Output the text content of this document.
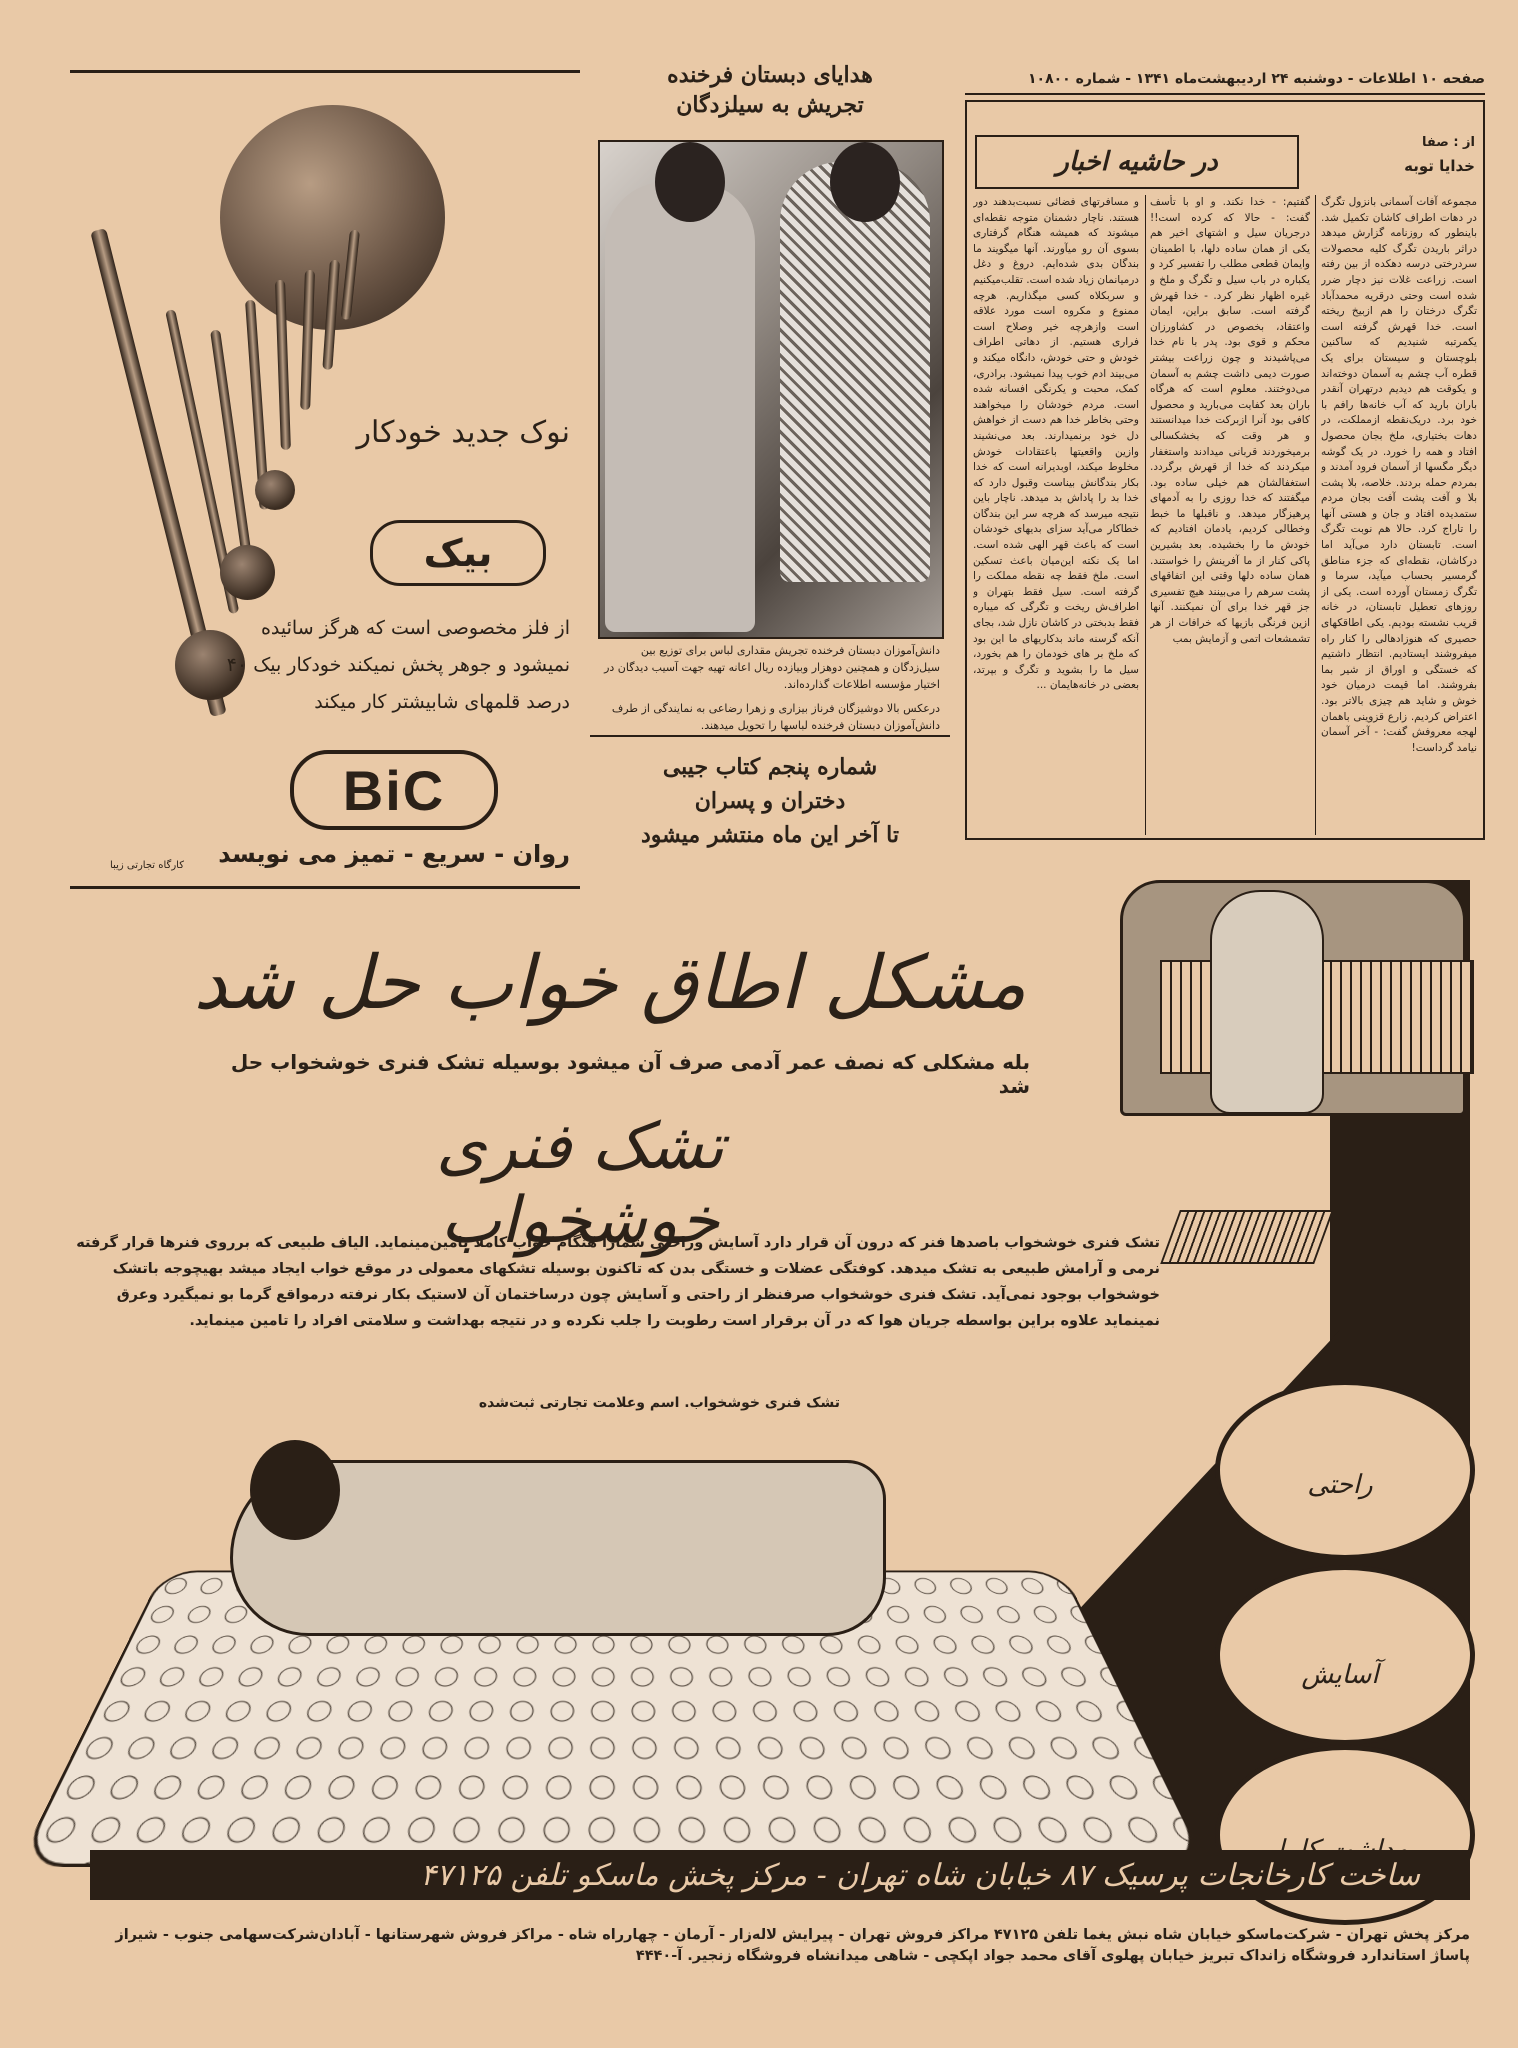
نوک جدید خودکار
بیک
از فلز مخصوصی است که هرگز سائیده نمیشود و جوهر پخش نمیکند خودکار بیک ۴۰ درصد قلمهای شابیشتر کار میکند
BiC
روان - سریع - تمیز می نویسد
کارگاه تجارتی زیبا
هدایای دبستان فرخنده
تجریش به سیلزدگان
دانش‌آموزان دبستان فرخنده تجریش مقداری لباس برای توزیع بین سیل‌زدگان و همچنین دوهزار وبیازده ریال اعانه تهیه جهت آسیب دیدگان در اختیار مؤسسه اطلاعات گذارده‌اند.
درعکس بالا دوشیزگان فرناز بیزاری و زهرا رضاعی به نمایندگی از طرف دانش‌آموزان دبستان فرخنده لباسها را تحویل میدهند.
شماره پنجم کتاب جیبی
دختران و پسران
تا آخر این ماه منتشر میشود
صفحه ۱۰ اطلاعات - دوشنبه ۲۴ اردیبهشت‌ماه ۱۳۴۱ - شماره ۱۰۸۰۰
از : صفا
خدایا توبه
در حاشیه اخبار
مجموعه آفات آسمانی بانزول تگرگ در دهات اطراف کاشان تکمیل شد. باینطور که روزنامه گزارش میدهد دراثر باریدن تگرگ کلیه محصولات سردرختی درسه دهکده از بین رفته است. زراعت غلات نیز دچار ضرر شده است وحتی درقریه محمدآباد تگرگ درختان را هم ازبیخ ریخته است. خدا قهرش گرفته است یکمرتبه شنیدیم که ساکنین بلوچستان و سیستان برای یک قطره آب چشم به آسمان دوخته‌اند و یکوقت هم دیدیم درتهران آنقدر باران بارید که آب خانه‌ها رافم با خود برد. دریک‌نقطه ازمملکت، در دهات بختیاری، ملخ بجان محصول افتاد و همه را خورد. در یک گوشه دیگر مگسها از آسمان فرود آمدند و بمردم حمله بردند. خلاصه، بلا پشت بلا و آفت پشت آفت بجان مردم ستمدیده افتاد و جان و هستی آنها را تاراج کرد. حالا هم نوبت تگرگ است. تابستان دارد می‌آید اما درکاشان، نقطه‌ای که جزء مناطق گرمسیر بحساب میآید، سرما و تگرگ زمستان آورده است. یکی از روزهای تعطیل تابستان، در خانه قریب نشسته بودیم. یکی اطاقکهای حصیری که هنوزادهالی را کنار راه میفروشند ایستادیم. انتظار داشتیم که خستگی و اوراق از شیر بما بفروشند. اما قیمت درمیان خود خوش و شاید هم چیزی بالاتر بود. اعتراض کردیم. زارع قزوینی باهمان لهجه معروفش گفت: - آخر آسمان نیامد گرداست!
گفتیم: - خدا نکند. و او با تأسف گفت: - حالا که کرده است!! درجریان سیل و اشتهای اخیر هم یکی از همان ساده دلها، با اطمینان وایمان قطعی مطلب را تفسیر کرد و یکباره در باب سیل و تگرگ و ملخ و غیره اظهار نظر کرد. - خدا قهرش گرفته است. سابق براین، ایمان واعتقاد، بخصوص در کشاورزان محکم و قوی بود. پدر با نام خدا می‌پاشیدند و چون زراعت بیشتر صورت دیمی داشت چشم به آسمان می‌دوختند. معلوم است که هرگاه باران بعد کفایت می‌بارید و محصول کافی بود آنرا ازبرکت خدا میدانستند و هر وقت که بخشکسالی برمیخوردند قربانی میدادند واستغفار میکردند که خدا از قهرش برگردد. استغفالشان هم خیلی ساده بود. میگفتند که خدا روزی را به آدمهای پرهیزگار میدهد. و ناقبلها ما خبط وخطالی کردیم، یادمان افتادیم که خودش ما را بخشیده. بعد بشیرین پاکی کنار از ما آفرینش را خواستند. همان ساده دلها وقتی این اتفاقهای پشت سرهم را می‌بینند هیچ تفسیری جز قهر خدا برای آن نمیکنند. آنها ازین فرنگی بازیها که خرافات از هر تشمشعات اتمی و آزمایش بمب
و مسافرتهای فضائی نسبت‌بدهند دور هستند. ناچار دشمنان متوجه نقطه‌ای میشوند که همیشه هنگام گرفتاری بسوی آن رو میآورند. آنها میگویند ما بندگان بدی شده‌ایم. دروغ و دغل درمیانمان زیاد شده است. تقلب‌میکنیم و سربکلاه کسی میگذاریم. هرچه ممنوع و مکروه است مورد علاقه است وازهرچه خیر وصلاح است فراری هستیم. از دهاتی اطراف خودش و حتی خودش، دانگاه میکند و می‌بیند ادم خوب پیدا نمیشود. برادری، کمک، محبت و یکرنگی افسانه شده است. مردم خودشان را میخواهند وحتی بخاطر خدا هم دست از خواهش دل خود برنمیدارند. بعد می‌نشیند وازین واقعیتها باعتقادات خودش مخلوط میکند، اوبدیرانه است که خدا بکار بندگانش بیناست وقبول دارد که خدا بد را پاداش بد میدهد. ناچار باین نتیجه میرسد که هرچه سر این بندگان خطاکار می‌آید سزای بدیهای خودشان است که باعث قهر الهی شده است. اما یک نکته این‌میان باعث تسکین است. ملخ فقط چه نقطه مملکت را گرفته است. سیل فقط بتهران و اطراف‌ش ریخت و تگرگی که میباره فقط بدبختی در کاشان نازل شد، بجای آنکه گرسنه ماند بدکاریهای ما این بود که ملخ بر های خودمان را هم بخورد، سیل ما را بشوید و تگرگ و بپرتد، بعضی در خانه‌هایمان ...
مشکل اطاق خواب حل شد
بله مشکلی که نصف عمر آدمی صرف آن میشود بوسیله تشک فنری خوشخواب حل شد
تشک فنری خوشخواب
تشک فنری خوشخواب باصدها فنر که درون آن قرار دارد آسایش وراحتی شمارا هنگام خواب کاملا تامین‌مینماید. الیاف طبیعی که برروی فنرها قرار گرفته نرمی و آرامش طبیعی به تشک میدهد. کوفتگی عضلات و خستگی بدن که تاکنون بوسیله تشکهای معمولی در موقع خواب ایجاد میشد بهیچوجه باتشک خوشخواب بوجود نمی‌آید. تشک فنری خوشخواب صرفنظر از راحتی و آسایش چون درساختمان آن لاستیک بکار نرفته درمواقع گرما بو نمیگیرد وعرق نمینماید علاوه براین بواسطه جریان هوا که در آن برقرار است رطوبت را جلب نکرده و در نتیجه بهداشت و سلامتی افراد را تامین مینماید.
تشک فنری خوشخواب. اسم وعلامت تجارتی ثبت‌شده
راحتی
آسایش
ساخت کارخانجات پرسیک ۸۷ خیابان شاه تهران - مرکز پخش ماسکو تلفن ۴۷۱۲۵
مرکز پخش تهران - شرکت‌ماسکو خیابان شاه نبش یغما تلفن ۴۷۱۲۵ مراکز فروش تهران - پیرایش لاله‌زار - آرمان‌ - چهارراه شاه - مراکز فروش شهرستانها - آبادان‌شرکت‌سهامی جنوب - شیراز پاساژ استاندارد فروشگاه زانداک تبریز خیابان پهلوی آقای محمد جواد اپکچی - شاهی میدانشاه فروشگاه زنجیر. آ-۴۴۴۰
